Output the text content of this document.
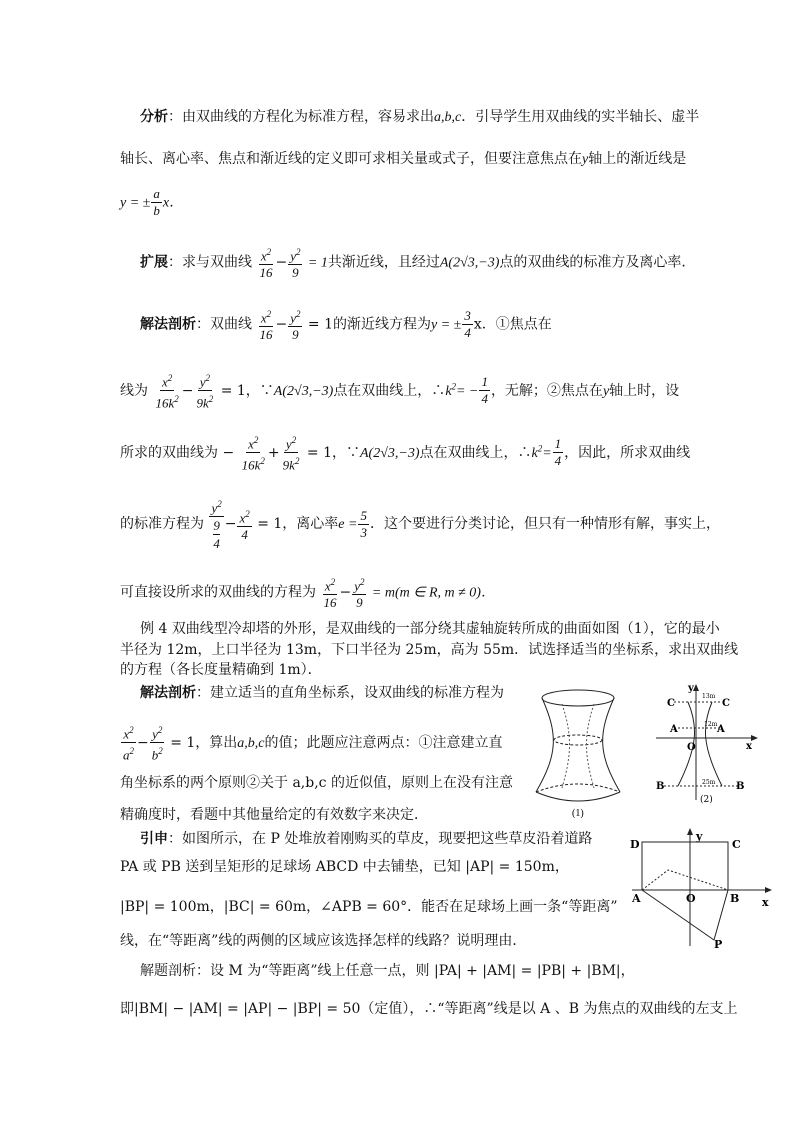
分析：由双曲线的方程化为标准方程，容易求出a,b,c．引导学生用双曲线的实半轴长、虚半
轴长、离心率、焦点和渐近线的定义即可求相关量或式子，但要注意焦点在y轴上的渐近线是
y = ± $\frac{a}{b}$ x．
扩展：求与双曲线 $\frac{x^2}{16} - \frac{y^2}{9} = 1$共渐近线，且经过A(2√3,−3)点的双曲线的标准方及离心率．
解法剖析：双曲线 $\frac{x^2}{16} - \frac{y^2}{9} = 1$的渐近线方程为y = ± $\frac{3}{4}$ x．①焦点在
线为 $\frac{x^2}{16k^2} - \frac{y^2}{9k^2} = 1$，∵A(2√3,−3)点在双曲线上，$\therefore k^2= - \frac{1}{4}$ ，无解；②焦点在y轴上时，设
所求的双曲线为 − $\frac{x^2}{16k^2} + \frac{y^2}{9k^2} = 1$，∵A(2√3,−3)点在双曲线上，$\therefore k^2= \frac{1}{4}$ ，因此，所求双曲线
的标准方程为 $\frac{y^2}{\frac{9}{4}} - \frac{x^2}{4} = 1$，离心率$e = \frac{5}{3}$ ．这个要进行分类讨论，但只有一种情形有解，事实上，
可直接设所求的双曲线的方程为 $\frac{x^2}{16} - \frac{y^2}{9} = m(m$ ∈ R, m ≠ 0)．
例 4 双曲线型冷却塔的外形，是双曲线的一部分绕其虚轴旋转所成的曲面如图（1），它的最小
半径为 12m，上口半径为 13m，下口半径为 25m，高为 55m．试选择适当的坐标系，求出双曲线
的方程（各长度量精确到 1m）．
解法剖析：建立适当的直角坐标系，设双曲线的标准方程为
$\frac{x^2}{a^2} - \frac{y^2}{b^2} = 1$，算出a,b,c的值；此题应注意两点：①注意建立直
角坐标系的两个原则②关于 a,b,c 的近似值，原则上在没有注意
精确度时，看题中其他量给定的有效数字来决定．
引申：如图所示，在 P 处堆放着刚购买的草皮，现要把这些草皮沿着道路
PA 或 PB 送到呈矩形的足球场 ABCD 中去铺垫，已知 |AP| = 150m，
|BP| = 100m，|BC| = 60m，∠APB = 60°．能否在足球场上画一条“等距离”
线，在“等距离”线的两侧的区域应该选择怎样的线路？说明理由．
解题剖析：设 M 为“等距离”线上任意一点，则 |PA| + |AM| = |PB| + |BM|，
即|BM| − |AM| = |AP| − |BP| = 50（定值），∴“等距离”线是以 A 、B 为焦点的双曲线的左支上
(1)
y
x
C	C
A	A
O
B	B
13m
12m
25m
(2)
y
x
D	C
A	O	B
P
